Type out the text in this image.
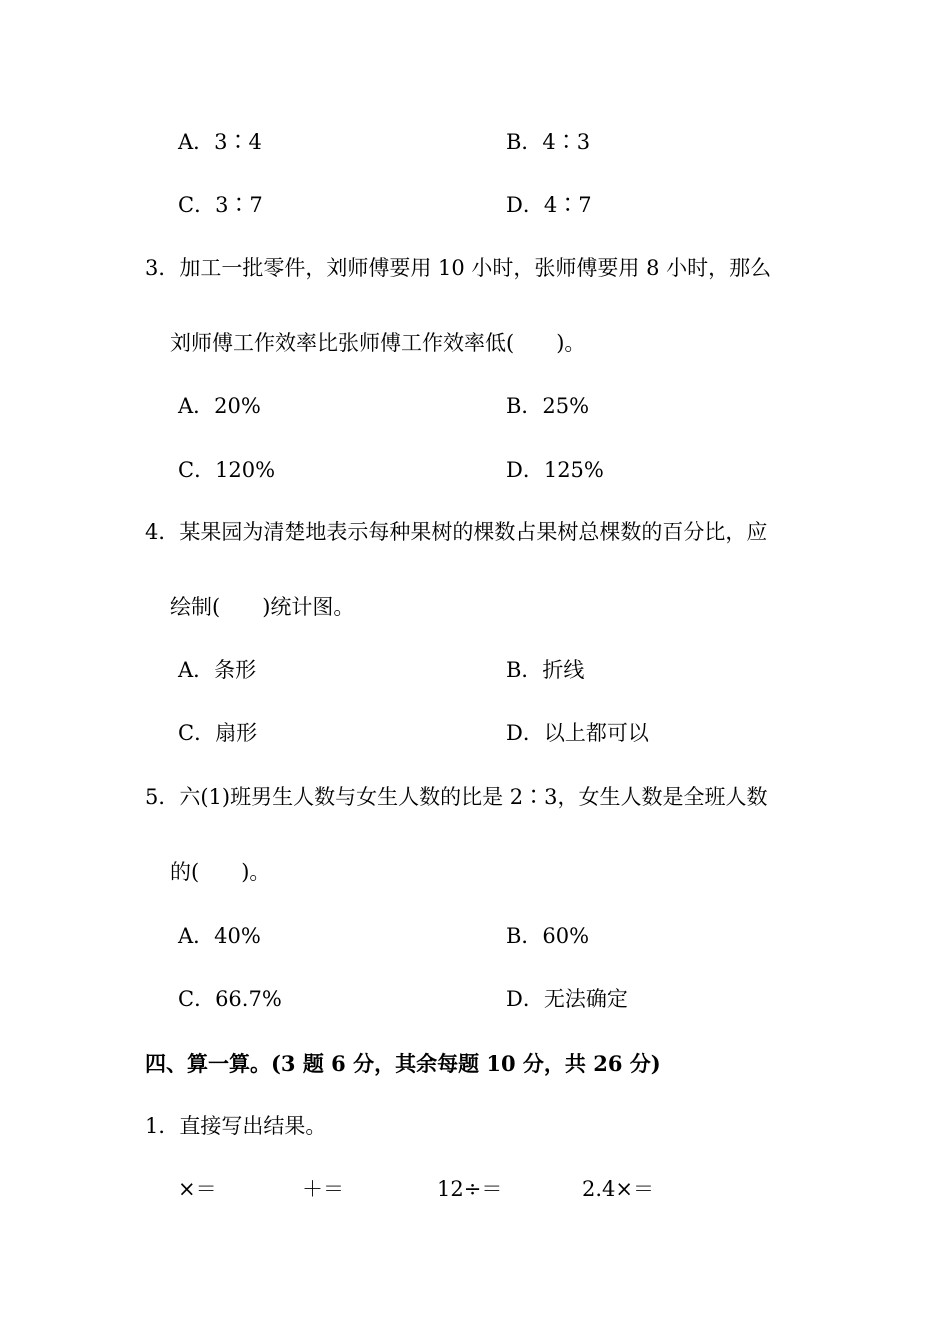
A．3∶4	B．4∶3
C．3∶7	D．4∶7
3．加工一批零件，刘师傅要用 10 小时，张师傅要用 8 小时，那么
刘师傅工作效率比张师傅工作效率低(　　)。
A．20%	B．25%
C．120%	D．125%
4．某果园为清楚地表示每种果树的棵数占果树总棵数的百分比，应
绘制(　　)统计图。
A．条形	B．折线
C．扇形	D．以上都可以
5．六(1)班男生人数与女生人数的比是 2∶3，女生人数是全班人数
的(　　)。
A．40%	B．60%
C．66.7%	D．无法确定
四、算一算。(3 题 6 分，其余每题 10 分，共 26 分)
1．直接写出结果。
×＝	＋＝	12÷＝	2.4×＝
